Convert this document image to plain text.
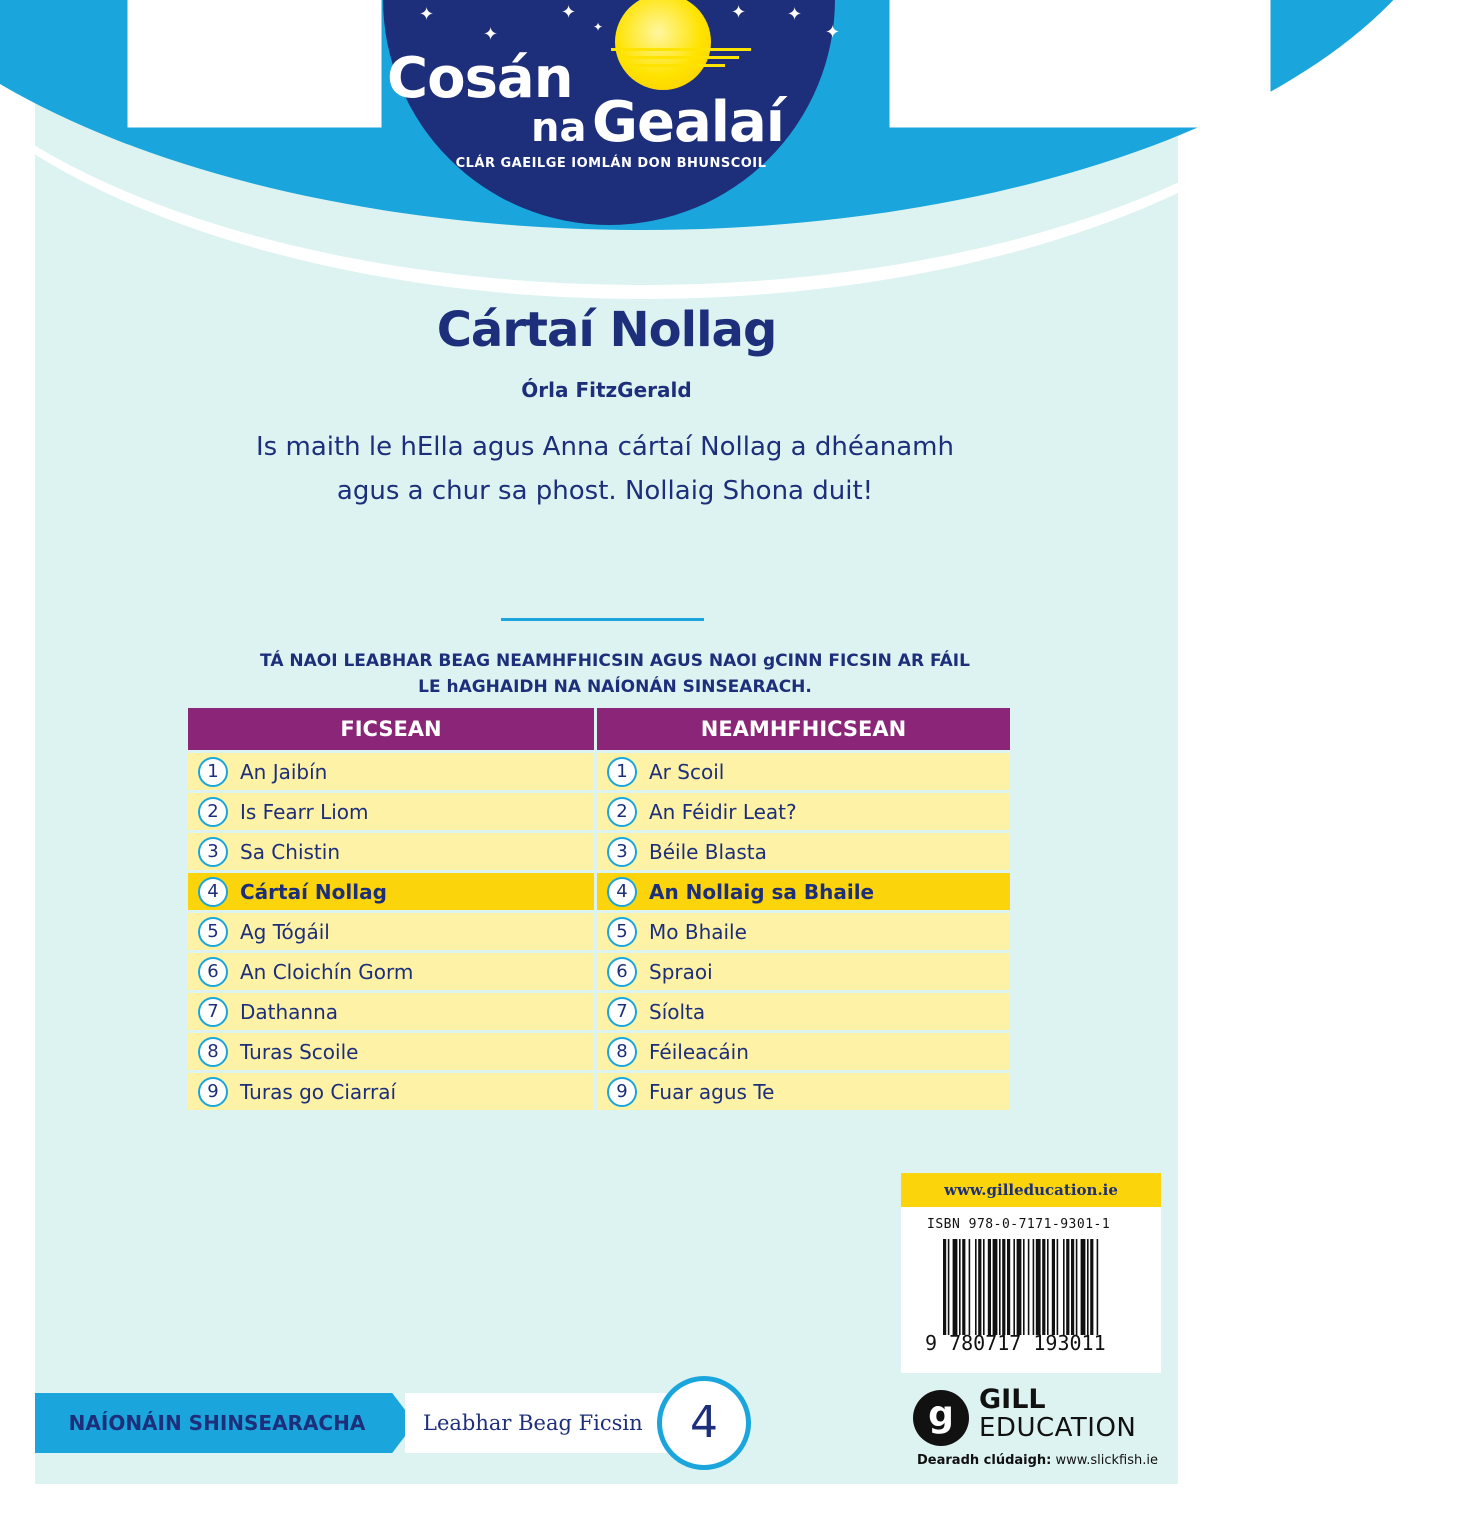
✦
✦
✦
✦
✦ ✦
✦
Cosán
na Gealaí
CLÁR GAEILGE IOMLÁN DON BHUNSCOIL
Cártaí Nollag
Órla FitzGerald
Is maith le hElla agus Anna cártaí Nollag a dhéanamh
agus a chur sa phost. Nollaig Shona duit!
TÁ NAOI LEABHAR BEAG NEAMHFHICSIN AGUS NAOI gCINN FICSIN AR FÁIL
LE hAGHAIDH NA NAÍONÁN SINSEARACH.
FICSEAN	NEAMHFHICSEAN
1	An Jaibín	1	Ar Scoil
2	Is Fearr Liom	2	An Féidir Leat?
3	Sa Chistin	3	Béile Blasta
4	Cártaí Nollag	4	An Nollaig sa Bhaile
5	Ag Tógáil	5	Mo Bhaile
6	An Cloichín Gorm	6	Spraoi
7	Dathanna	7	Síolta
8	Turas Scoile	8	Féileacáin
9	Turas go Ciarraí	9	Fuar agus Te
www.gilleducation.ie
ISBN 978-0-7171-9301-1
9 780717 193011
NAÍONÁIN SHINSEARACHA	Leabhar Beag Ficsin	4	g GILL
EDUCATION
Dearadh clúdaigh: www.slickfish.ie
